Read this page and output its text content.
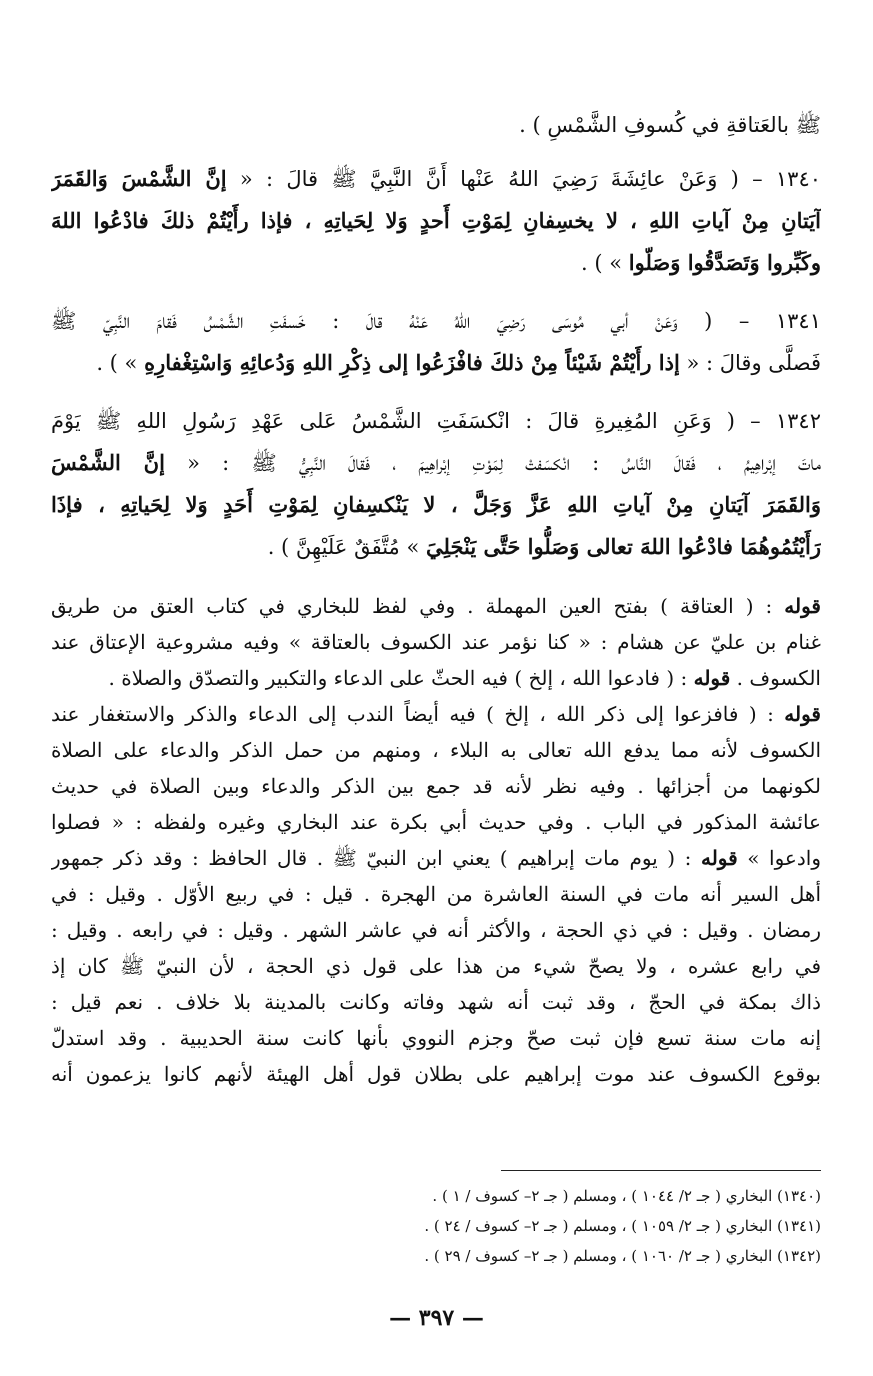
ﷺ بالعَتاقةِ في كُسوفِ الشَّمْسِ ) .
١٣٤٠ – ( وَعَنْ عائِشَةَ رَضِيَ اللهُ عَنْها أَنَّ النَّبِيَّ ﷺ قالَ : « إنَّ الشَّمْسَ وَالقَمَرَ
آيَتانِ مِنْ آياتِ اللهِ ، لا يخسِفانِ لِمَوْتِ أَحدٍ وَلا لِحَياتِهِ ، فإذا رأَيْتُمْ ذلكَ فادْعُوا اللهَ
وكَبِّروا وَتَصَدَّقُوا وَصَلّوا » ) .
١٣٤١ – ( وَعَنْ أبي مُوسَى رَضِيَ اللهُ عَنْهُ قالَ : خَسفَتِ الشَّمْسُ فَقامَ النَّبِيّ ﷺ
فَصلَّى وقالَ : « إذا رأَيْتُمْ شَيْئاً مِنْ ذلكَ فافْزَعُوا إلى ذِكْرِ اللهِ وَدُعائِهِ وَاسْتِغْفارِهِ » ) .
١٣٤٢ – ( وَعَنِ المُغِيرةِ قالَ : انْكسَفَتِ الشَّمْسُ عَلى عَهْدِ رَسُولِ اللهِ ﷺ يَوْمَ
ماتَ إبْراهِيمُ ، فَقالَ النَّاسُ : انْكسَفتْ لِمَوْتِ إبْراهِيمَ ، فَقالَ النَّبِيُّ ﷺ : « إنَّ الشَّمْسَ
وَالقَمَرَ آيَتانِ مِنْ آياتِ اللهِ عَزَّ وَجَلَّ ، لا يَنْكسِفانِ لِمَوْتِ أَحَدٍ وَلا لِحَياتِهِ ، فإذَا
رَأَيْتُمُوهُمَا فادْعُوا اللهَ تعالى وَصَلُّوا حَتَّى يَنْجَلِيَ » مُتَّفَقٌ عَلَيْهِنَّ ) .
قوله : ( العتاقة ) بفتح العين المهملة . وفي لفظ للبخاري في كتاب العتق من طريق
غنام بن عليّ عن هشام : « كنا نؤمر عند الكسوف بالعتاقة » وفيه مشروعية الإعتاق عند
الكسوف . قوله : ( فادعوا الله ، إلخ ) فيه الحثّ على الدعاء والتكبير والتصدّق والصلاة .
قوله : ( فافزعوا إلى ذكر الله ، إلخ ) فيه أيضاً الندب إلى الدعاء والذكر والاستغفار عند
الكسوف لأنه مما يدفع الله تعالى به البلاء ، ومنهم من حمل الذكر والدعاء على الصلاة
لكونهما من أجزائها . وفيه نظر لأنه قد جمع بين الذكر والدعاء وبين الصلاة في حديث
عائشة المذكور في الباب . وفي حديث أبي بكرة عند البخاري وغيره ولفظه : « فصلوا
وادعوا » قوله : ( يوم مات إبراهيم ) يعني ابن النبيّ ﷺ . قال الحافظ : وقد ذكر جمهور
أهل السير أنه مات في السنة العاشرة من الهجرة . قيل : في ربيع الأوّل . وقيل : في
رمضان . وقيل : في ذي الحجة ، والأكثر أنه في عاشر الشهر . وقيل : في رابعه . وقيل :
في رابع عشره ، ولا يصحّ شيء من هذا على قول ذي الحجة ، لأن النبيّ ﷺ كان إذ
ذاك بمكة في الحجّ ، وقد ثبت أنه شهد وفاته وكانت بالمدينة بلا خلاف . نعم قيل :
إنه مات سنة تسع فإن ثبت صحّ وجزم النووي بأنها كانت سنة الحديبية . وقد استدلّ
بوقوع الكسوف عند موت إبراهيم على بطلان قول أهل الهيئة لأنهم كانوا يزعمون أنه
(١٣٤٠) البخاري ( جـ ٢/ ١٠٤٤ ) ، ومسلم ( جـ ٢– كسوف / ١ ) .
(١٣٤١) البخاري ( جـ ٢/ ١٠٥٩ ) ، ومسلم ( جـ ٢– كسوف / ٢٤ ) .
(١٣٤٢) البخاري ( جـ ٢/ ١٠٦٠ ) ، ومسلم ( جـ ٢– كسوف / ٢٩ ) .
— ٣٩٧ —
